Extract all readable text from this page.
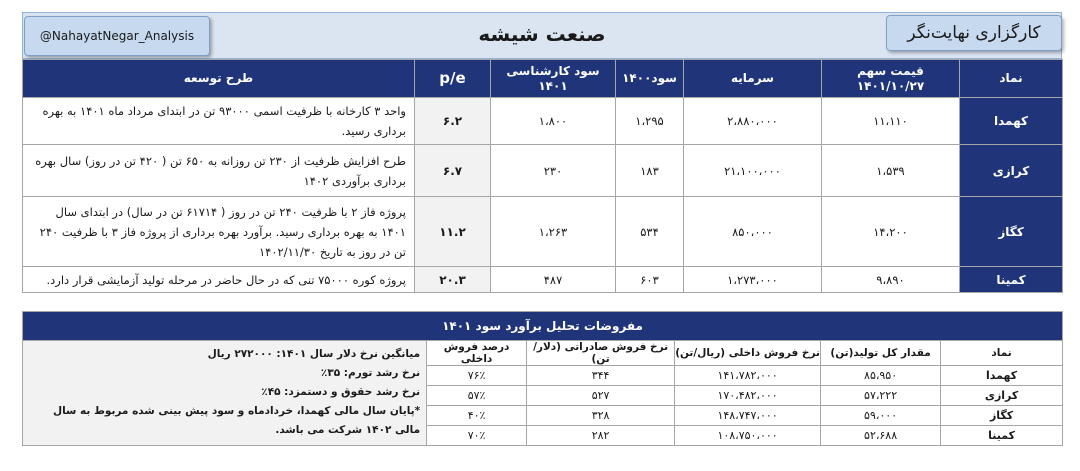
صنعت شیشه
@NahayatNegar_Analysis	کارگزاری نهایت‌نگر
نماد	قیمت سهم ۱۴۰۱/۱۰/۲۷	سرمایه	سود۱۴۰۰	سود کارشناسی ۱۴۰۱	p/e	طرح توسعه
کهمدا	۱۱،۱۱۰	۲،۸۸۰،۰۰۰	۱،۲۹۵	۱،۸۰۰	۶.۲	واحد ۳ کارخانه با ظرفیت اسمی ۹۳۰۰۰ تن در ابتدای مرداد ماه ۱۴۰۱ به بهره برداری رسید.
کرازی	۱،۵۳۹	۲۱،۱۰۰،۰۰۰	۱۸۳	۲۳۰	۶.۷	طرح افزایش ظرفیت از ۲۳۰ تن روزانه به ۶۵۰ تن ( ۴۲۰ تن در روز) سال بهره برداری برآوردی ۱۴۰۲
کگاز	۱۴،۲۰۰	۸۵۰،۰۰۰	۵۳۴	۱،۲۶۳	۱۱.۲	پروژه فاز ۲ با ظرفیت ۲۴۰ تن در روز ( ۶۱۷۱۴ تن در سال) در ابتدای سال ۱۴۰۱ به بهره برداری رسید. برآورد بهره برداری از پروژه فاز ۳ با ظرفیت ۲۴۰ تن در روز به تاریخ ۱۴۰۲/۱۱/۳۰
کمینا	۹،۸۹۰	۱،۲۷۳،۰۰۰	۶۰۳	۴۸۷	۲۰.۳	پروژه کوره ۷۵۰۰۰ تنی که در حال حاضر در مرحله تولید آزمایشی قرار دارد.
مفروضات تحلیل برآورد سود ۱۴۰۱					
نماد	مقدار کل تولید(تن)	نرخ فروش داخلی (ریال/تن)	نرخ فروش صادراتی (دلار/تن)	درصد فروش داخلی	میانگین نرخ دلار سال ۱۴۰۱: ۲۷۲۰۰۰ ریال
نرخ رشد تورم: ۳۵٪
نرخ رشد حقوق و دستمزد: ۴۵٪
*پایان سال مالی کهمدا، خردادماه و سود پیش بینی شده مربوط به سال مالی ۱۴۰۲ شرکت می باشد.

کهمدا	۸۵،۹۵۰	۱۴۱،۷۸۲،۰۰۰	۳۴۴	۷۶٪	
کرازی	۵۷،۲۲۲	۱۷۰،۴۸۲،۰۰۰	۵۲۷	۵۷٪	
کگاز	۵۹،۰۰۰	۱۴۸،۷۴۷،۰۰۰	۳۲۸	۴۰٪	
کمینا	۵۲،۶۸۸	۱۰۸،۷۵۰،۰۰۰	۲۸۲	۷۰٪	
